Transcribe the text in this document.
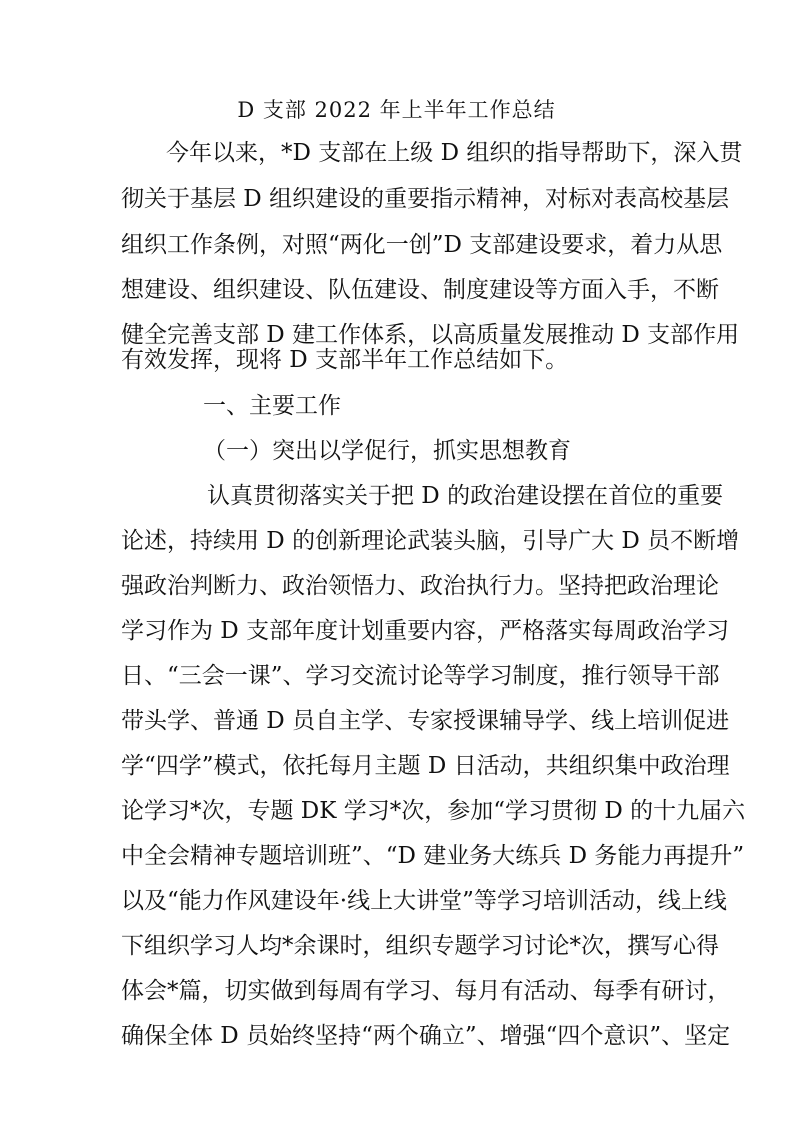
D 支部 2022 年上半年工作总结
今年以来，*D 支部在上级 D 组织的指导帮助下，深入贯
彻关于基层 D 组织建设的重要指示精神，对标对表高校基层
组织工作条例，对照“两化一创”D 支部建设要求，着力从思
想建设、组织建设、队伍建设、制度建设等方面入手，不断
健全完善支部 D 建工作体系，以高质量发展推动 D 支部作用
有效发挥，现将 D 支部半年工作总结如下。
一、主要工作
（一）突出以学促行，抓实思想教育
认真贯彻落实关于把 D 的政治建设摆在首位的重要
论述，持续用 D 的创新理论武装头脑，引导广大 D 员不断增
强政治判断力、政治领悟力、政治执行力。坚持把政治理论
学习作为 D 支部年度计划重要内容，严格落实每周政治学习
日、“三会一课”、学习交流讨论等学习制度，推行领导干部
带头学、普通 D 员自主学、专家授课辅导学、线上培训促进
学“四学”模式，依托每月主题 D 日活动，共组织集中政治理
论学习*次，专题 DK 学习*次，参加“学习贯彻 D 的十九届六
中全会精神专题培训班”、“D 建业务大练兵 D 务能力再提升”
以及“能力作风建设年·线上大讲堂”等学习培训活动，线上线
下组织学习人均*余课时，组织专题学习讨论*次，撰写心得
体会*篇，切实做到每周有学习、每月有活动、每季有研讨，
确保全体 D 员始终坚持“两个确立”、增强“四个意识”、坚定
